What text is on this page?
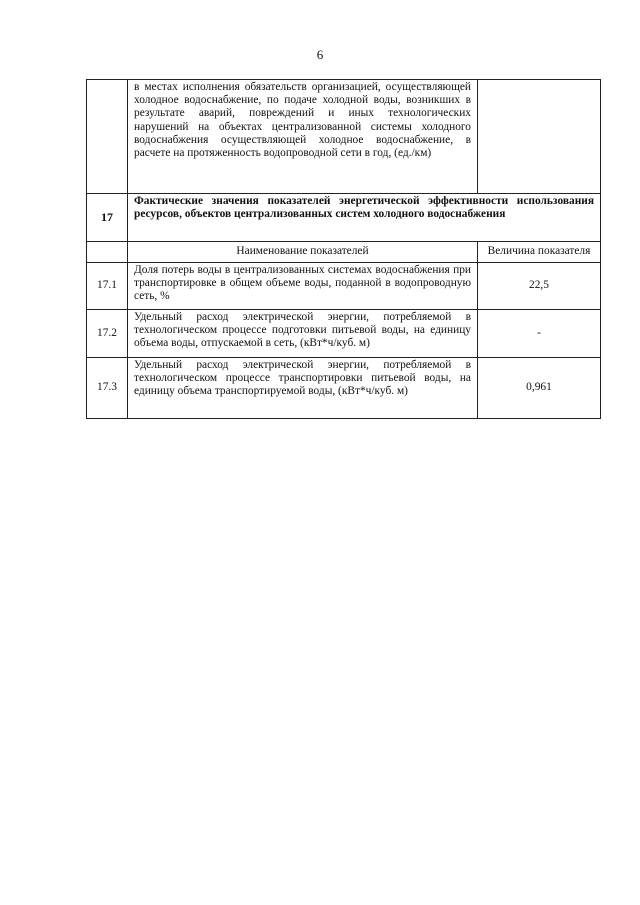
6
	в местах исполнения обязательств организацией, осуществляющей холодное водоснабжение, по подаче холодной воды, возникших в результате аварий, повреждений и иных технологических нарушений на объектах централизованной системы холодного водоснабжения осуществляющей холодное водоснабжение, в расчете на протяженность водопроводной сети в год, (ед./км)	
17	Фактические значения показателей энергетической эффективности использования ресурсов, объектов централизованных систем холодного водоснабжения	
	Наименование показателей	Величина показателя
17.1	Доля потерь воды в централизованных системах водоснабжения при транспортировке в общем объеме воды, поданной в водопроводную сеть, %	22,5
17.2	Удельный расход электрической энергии, потребляемой в технологическом процессе подготовки питьевой воды, на единицу объема воды, отпускаемой в сеть, (кВт*ч/куб. м)	-
17.3	Удельный расход электрической энергии, потребляемой в технологическом процессе транспортировки питьевой воды, на единицу объема транспортируемой воды, (кВт*ч/куб. м)	0,961
